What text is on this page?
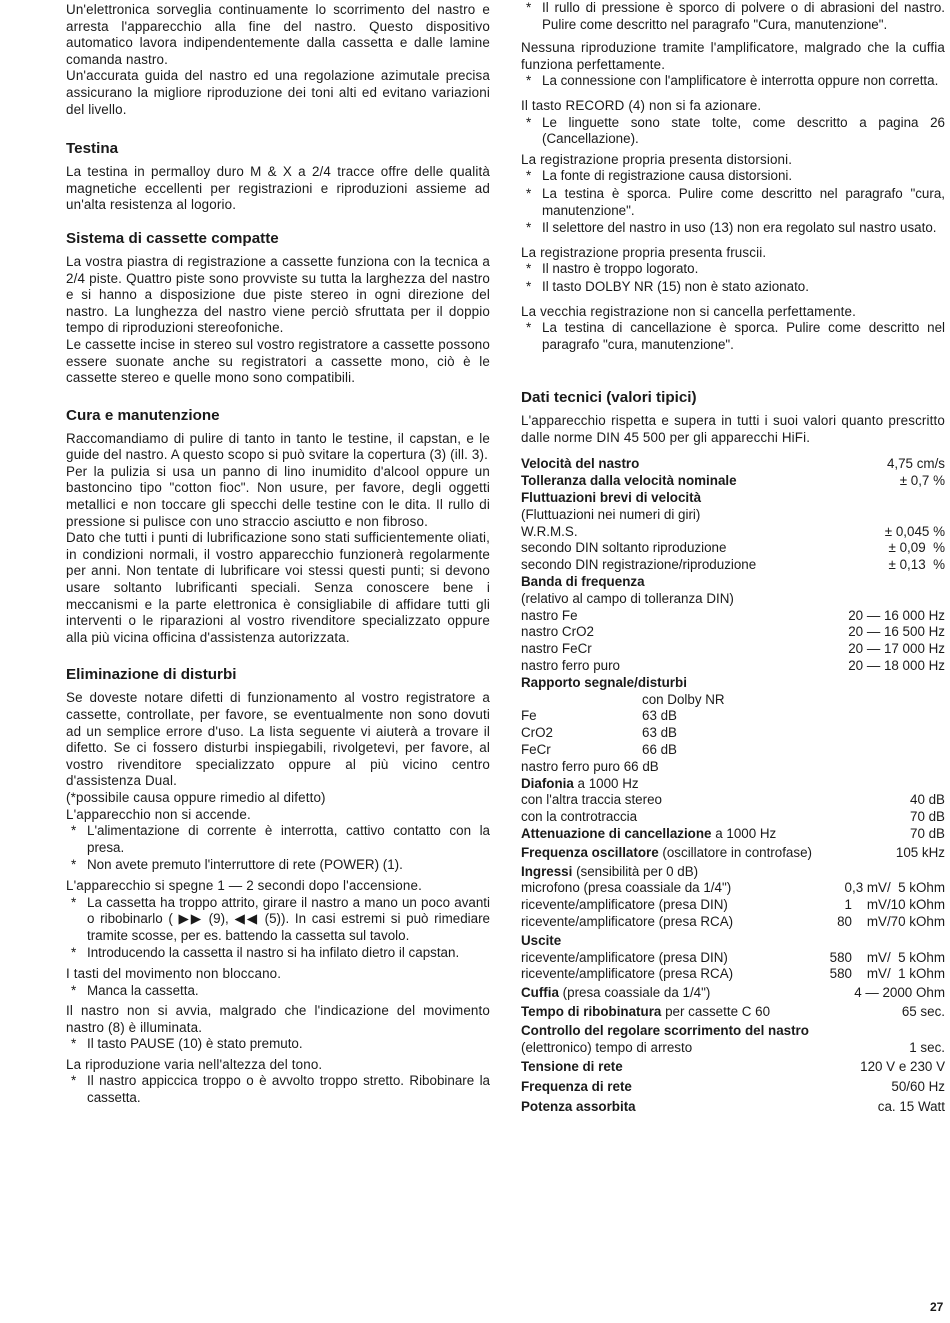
Un'elettronica sorveglia continuamente lo scorrimento del nastro e arresta l'apparecchio alla fine del nastro. Questo dispositivo automatico lavora indipendentemente dalla cassetta e dalle lamine comanda nastro.

Un'accurata guida del nastro ed una regolazione azimutale precisa assicurano la migliore riproduzione dei toni alti ed evitano variazioni del livello.

Testina

La testina in permalloy duro M & X a 2/4 tracce offre delle qualità magnetiche eccellenti per registrazioni e riproduzioni assieme ad un'alta resistenza al logorio.

Sistema di cassette compatte

La vostra piastra di registrazione a cassette funziona con la tecnica a 2/4 piste. Quattro piste sono provviste su tutta la larghezza del nastro e si hanno a disposizione due piste stereo in ogni direzione del nastro. La lunghezza del nastro viene perciò sfruttata per il doppio tempo di riproduzioni stereofoniche.

Le cassette incise in stereo sul vostro registratore a cassette possono essere suonate anche su registratori a cassette mono, ciò è le cassette stereo e quelle mono sono compatibili.

Cura e manutenzione

Raccomandiamo di pulire di tanto in tanto le testine, il capstan, e le guide del nastro. A questo scopo si può svitare la copertura (3) (ill. 3).

Per la pulizia si usa un panno di lino inumidito d'alcool oppure un bastoncino tipo "cotton fioc". Non usure, per favore, degli oggetti metallici e non toccare gli specchi delle testine con le dita. Il rullo di pressione si pulisce con uno straccio asciutto e non fibroso.

Dato che tutti i punti di lubrificazione sono stati sufficientemente oliati, in condizioni normali, il vostro apparecchio funzionerà regolarmente per anni. Non tentate di lubrificare voi stessi questi punti; si devono usare soltanto lubrificanti speciali. Senza conoscere bene i meccanismi e la parte elettronica è consigliabile di affidare tutti gli interventi o le riparazioni al vostro rivenditore specializzato oppure alla più vicina officina d'assistenza autorizzata.

Eliminazione di disturbi

Se doveste notare difetti di funzionamento al vostro registratore a cassette, controllate, per favore, se eventualmente non sono dovuti ad un semplice errore d'uso. La lista seguente vi aiuterà a trovare il difetto. Se ci fossero disturbi inspiegabili, rivolgetevi, per favore, al vostro rivenditore specializzato oppure al più vicino centro d'assistenza Dual.

(*possibile causa oppure rimedio al difetto)

L'apparecchio non si accende.

* L'alimentazione di corrente è interrotta, cattivo contatto con la presa.
* Non avete premuto l'interruttore di rete (POWER) (1).

L'apparecchio si spegne 1 — 2 secondi dopo l'accensione.

* La cassetta ha troppo attrito, girare il nastro a mano un poco avanti o ribobinarlo ( ▶▶ (9), ◀◀ (5)). In casi estremi si può rimediare tramite scosse, per es. battendo la cassetta sul tavolo.
* Introducendo la cassetta il nastro si ha infilato dietro il capstan.

I tasti del movimento non bloccano.

* Manca la cassetta.

Il nastro non si avvia, malgrado che l'indicazione del movimento nastro (8) è illuminata.

* Il tasto PAUSE (10) è stato premuto.

La riproduzione varia nell'altezza del tono.

* Il nastro appiccica troppo o è avvolto troppo stretto. Ribobinare la cassetta.
* Il rullo di pressione è sporco di polvere o di abrasioni del nastro. Pulire come descritto nel paragrafo "Cura, manutenzione".

Nessuna riproduzione tramite l'amplificatore, malgrado che la cuffia funziona perfettamente.

* La connessione con l'amplificatore è interrotta oppure non corretta.

Il tasto RECORD (4) non si fa azionare.

* Le linguette sono state tolte, come descritto a pagina 26 (Cancellazione).

La registrazione propria presenta distorsioni.

* La fonte di registrazione causa distorsioni.
* La testina è sporca. Pulire come descritto nel paragrafo "cura, manutenzione".
* Il selettore del nastro in uso (13) non era regolato sul nastro usato.

La registrazione propria presenta fruscii.

* Il nastro è troppo logorato.
* Il tasto DOLBY NR (15) non è stato azionato.

La vecchia registrazione non si cancella perfettamente.

* La testina di cancellazione è sporca. Pulire come descritto nel paragrafo "cura, manutenzione".
Dati tecnici (valori tipici)

L'apparecchio rispetta e supera in tutti i suoi valori quanto prescritto dalle norme DIN 45 500 per gli apparecchi HiFi.

Velocità del nastro	4,75 cm/s
Tolleranza dalla velocità nominale	± 0,7 %
Fluttuazioni brevi di velocità
(Fluttuazioni nei numeri di giri)
W.R.M.S.	± 0,045 %
secondo DIN soltanto riproduzione	± 0,09  %
secondo DIN registrazione/riproduzione	± 0,13  %
Banda di frequenza
(relativo al campo di tolleranza DIN)
nastro Fe	20 — 16 000 Hz
nastro CrO2	20 — 16 500 Hz
nastro FeCr	20 — 17 000 Hz
nastro ferro puro	20 — 18 000 Hz
Rapporto segnale/disturbi
con Dolby NR
Fe	63 dB
CrO2	63 dB
FeCr	66 dB
nastro ferro puro 66 dB
Diafonia a 1000 Hz
con l'altra traccia stereo	40 dB
con la controtraccia	70 dB
Attenuazione di cancellazione a 1000 Hz	70 dB
Frequenza oscillatore (oscillatore in controfase)	105 kHz
Ingressi (sensibilità per 0 dB)
microfono (presa coassiale da 1/4")	0,3 mV/  5 kOhm
ricevente/amplificatore (presa DIN)	1    mV/10 kOhm
ricevente/amplificatore (presa RCA)	80    mV/70 kOhm
Uscite
ricevente/amplificatore (presa DIN)	580    mV/  5 kOhm
ricevente/amplificatore (presa RCA)	580    mV/  1 kOhm
Cuffia (presa coassiale da 1/4")	4 — 2000 Ohm
Tempo di ribobinatura per cassette C 60	65 sec.
Controllo del regolare scorrimento del nastro
(elettronico) tempo di arresto	1 sec.
Tensione di rete	120 V e 230 V
Frequenza di rete	50/60 Hz
Potenza assorbita	ca. 15 Watt
27
